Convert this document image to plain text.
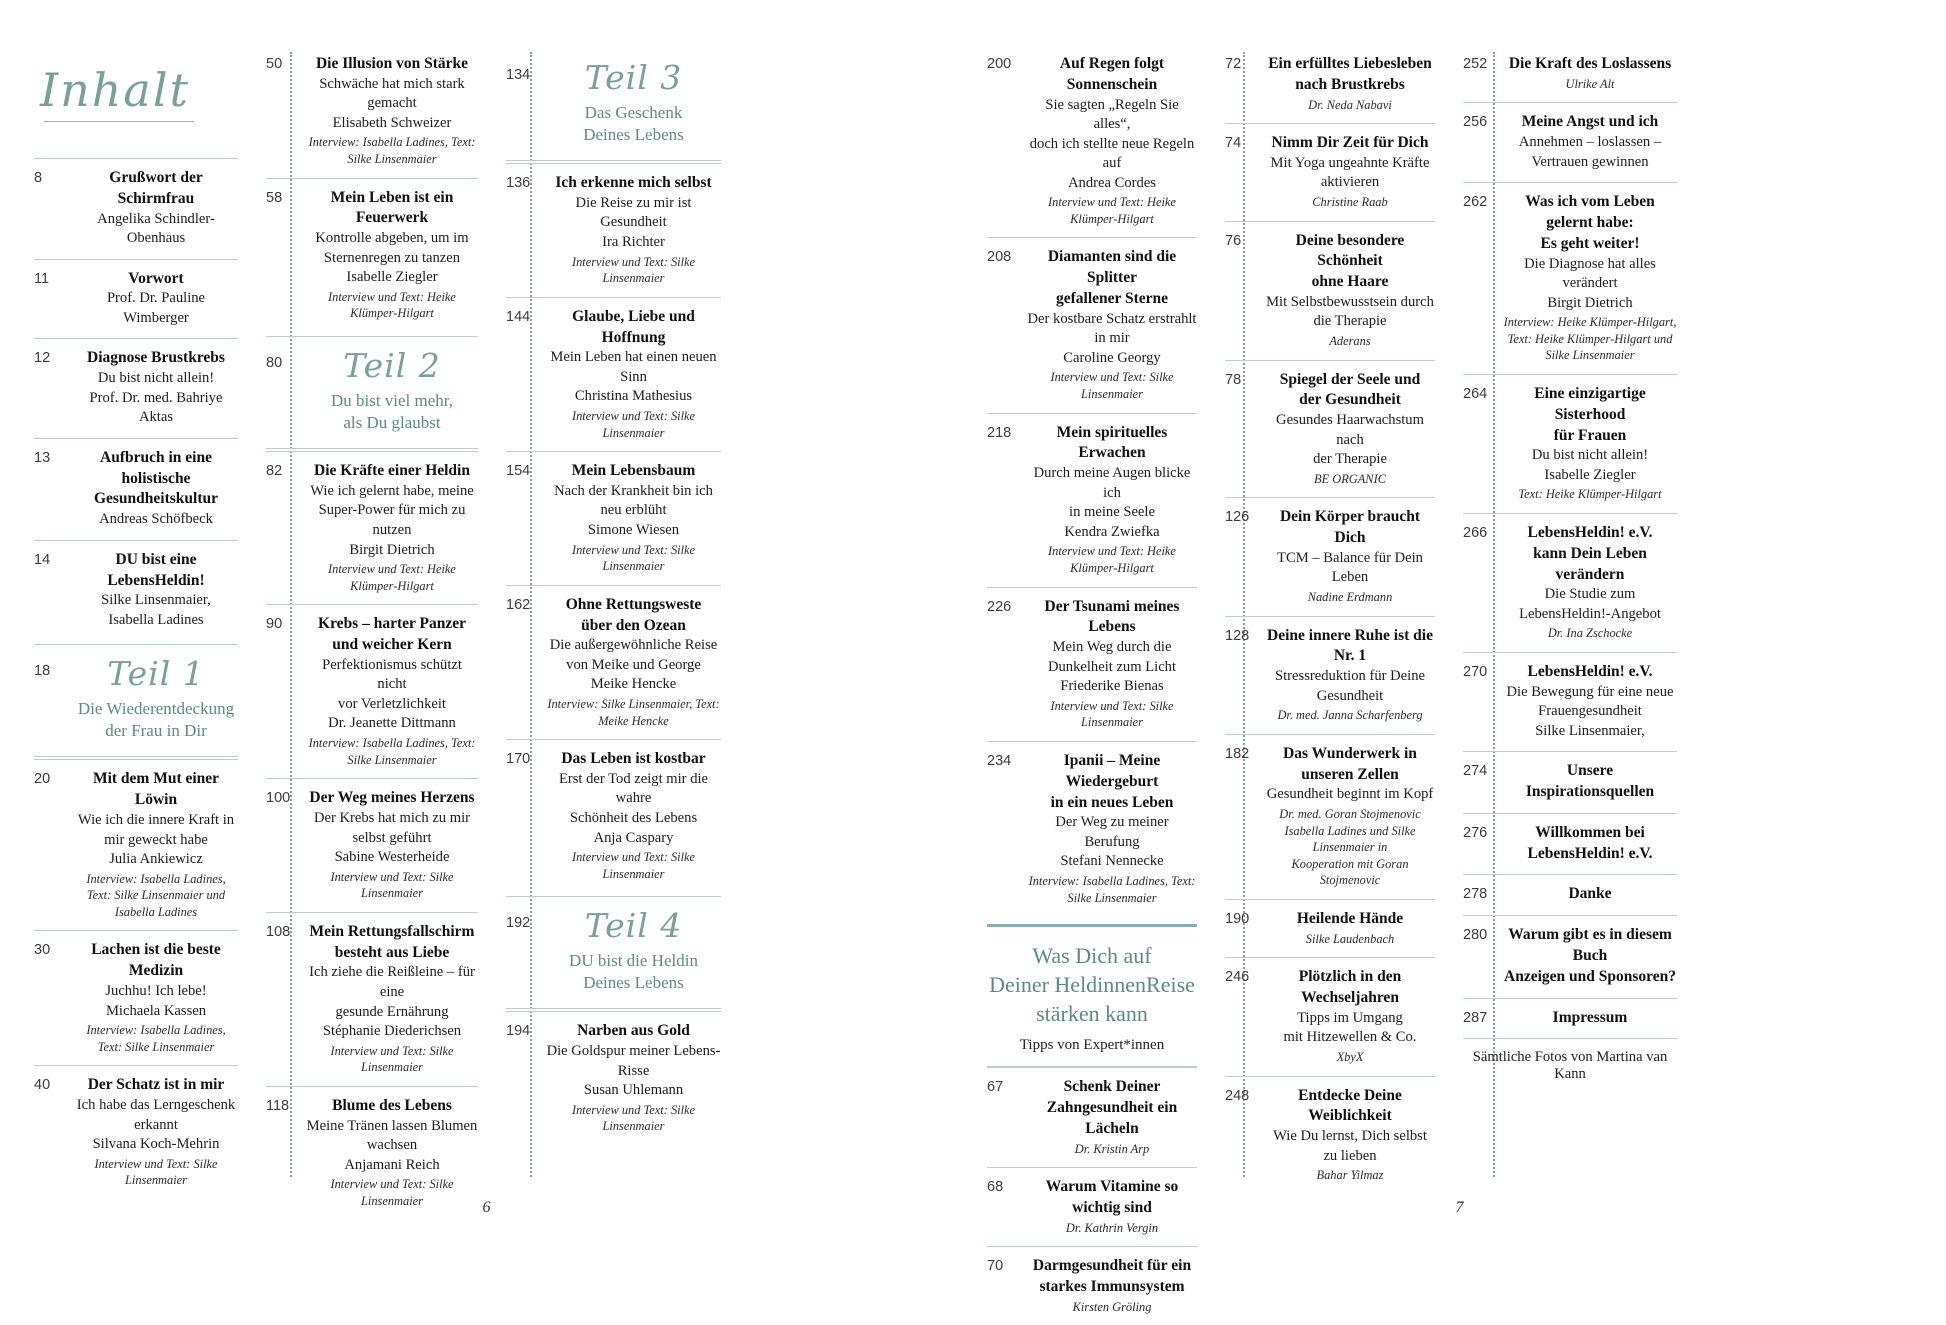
Inhalt
8	Grußwort der Schirmfrau
Angelika Schindler-Obenhaus
11	Vorwort
Prof. Dr. Pauline Wimberger
12	Diagnose Brustkrebs
Du bist nicht allein!
Prof. Dr. med. Bahriye Aktas
13	Aufbruch in eine holistische
Gesundheitskultur
Andreas Schöfbeck
14	DU bist eine LebensHeldin!
Silke Linsenmaier,
Isabella Ladines
18	Teil 1
Die Wiederentdeckung
der Frau in Dir
20	Mit dem Mut einer Löwin
Wie ich die innere Kraft in
mir geweckt habe
Julia Ankiewicz
Interview: Isabella Ladines,
Text: Silke Linsenmaier und Isabella Ladines
30	Lachen ist die beste Medizin
Juchhu! Ich lebe!
Michaela Kassen
Interview: Isabella Ladines, Text: Silke Linsenmaier
40	Der Schatz ist in mir
Ich habe das Lerngeschenk erkannt
Silvana Koch-Mehrin
Interview und Text: Silke Linsenmaier
50	Die Illusion von Stärke
Schwäche hat mich stark gemacht
Elisabeth Schweizer
Interview: Isabella Ladines, Text: Silke Linsenmaier
58	Mein Leben ist ein Feuerwerk
Kontrolle abgeben, um im
Sternenregen zu tanzen
Isabelle Ziegler
Interview und Text: Heike Klümper-Hilgart
80	Teil 2
Du bist viel mehr,
als Du glaubst
82	Die Kräfte einer Heldin
Wie ich gelernt habe, meine
Super-Power für mich zu nutzen
Birgit Dietrich
Interview und Text: Heike Klümper-Hilgart
90	Krebs – harter Panzer
und weicher Kern
Perfektionismus schützt nicht
vor Verletzlichkeit
Dr. Jeanette Dittmann
Interview: Isabella Ladines, Text: Silke Linsenmaier
100	Der Weg meines Herzens
Der Krebs hat mich zu mir selbst geführt
Sabine Westerheide
Interview und Text: Silke Linsenmaier
108	Mein Rettungsfallschirm
besteht aus Liebe
Ich ziehe die Reißleine – für eine
gesunde Ernährung
Stéphanie Diederichsen
Interview und Text: Silke Linsenmaier
118	Blume des Lebens
Meine Tränen lassen Blumen wachsen
Anjamani Reich
Interview und Text: Silke Linsenmaier
134	Teil 3
Das Geschenk
Deines Lebens
136	Ich erkenne mich selbst
Die Reise zu mir ist Gesundheit
Ira Richter
Interview und Text: Silke Linsenmaier
144	Glaube, Liebe und Hoffnung
Mein Leben hat einen neuen Sinn
Christina Mathesius
Interview und Text: Silke Linsenmaier
154	Mein Lebensbaum
Nach der Krankheit bin ich neu erblüht
Simone Wiesen
Interview und Text: Silke Linsenmaier
162	Ohne Rettungsweste
über den Ozean
Die außergewöhnliche Reise
von Meike und George
Meike Hencke
Interview: Silke Linsenmaier, Text: Meike Hencke
170	Das Leben ist kostbar
Erst der Tod zeigt mir die wahre
Schönheit des Lebens
Anja Caspary
Interview und Text: Silke Linsenmaier
192	Teil 4
DU bist die Heldin
Deines Lebens
194	Narben aus Gold
Die Goldspur meiner Lebens-Risse
Susan Uhlemann
Interview und Text: Silke Linsenmaier
6
200	Auf Regen folgt Sonnenschein
Sie sagten „Regeln Sie alles“,
doch ich stellte neue Regeln auf
Andrea Cordes
Interview und Text: Heike Klümper-Hilgart
208	Diamanten sind die Splitter
gefallener Sterne
Der kostbare Schatz erstrahlt in mir
Caroline Georgy
Interview und Text: Silke Linsenmaier
218	Mein spirituelles Erwachen
Durch meine Augen blicke ich
in meine Seele
Kendra Zwiefka
Interview und Text: Heike Klümper-Hilgart
226	Der Tsunami meines Lebens
Mein Weg durch die Dunkelheit zum Licht
Friederike Bienas
Interview und Text: Silke Linsenmaier
234	Ipanii – Meine Wiedergeburt
in ein neues Leben
Der Weg zu meiner Berufung
Stefani Nennecke
Interview: Isabella Ladines, Text: Silke Linsenmaier
Was Dich auf
Deiner HeldinnenReise
stärken kann
Tipps von Expert*innen
67	Schenk Deiner
Zahngesundheit ein Lächeln
Dr. Kristin Arp
68	Warum Vitamine so wichtig sind
Dr. Kathrin Vergin
70	Darmgesundheit für ein
starkes Immunsystem
Kirsten Gröling
72	Ein erfülltes Liebesleben
nach Brustkrebs
Dr. Neda Nabavi
74	Nimm Dir Zeit für Dich
Mit Yoga ungeahnte Kräfte aktivieren
Christine Raab
76	Deine besondere Schönheit
ohne Haare
Mit Selbstbewusstsein durch die Therapie
Aderans
78	Spiegel der Seele und
der Gesundheit
Gesundes Haarwachstum nach
der Therapie
BE ORGANIC
126	Dein Körper braucht Dich
TCM – Balance für Dein Leben
Nadine Erdmann
128	Deine innere Ruhe ist die Nr. 1
Stressreduktion für Deine Gesundheit
Dr. med. Janna Scharfenberg
182	Das Wunderwerk in
unseren Zellen
Gesundheit beginnt im Kopf
Dr. med. Goran Stojmenovic
Isabella Ladines und Silke Linsenmaier in
Kooperation mit Goran Stojmenovic
190	Heilende Hände
Silke Laudenbach
246	Plötzlich in den Wechseljahren
Tipps im Umgang
mit Hitzewellen & Co.
XbyX
248	Entdecke Deine Weiblichkeit
Wie Du lernst, Dich selbst zu lieben
Bahar Yilmaz
252	Die Kraft des Loslassens
Ulrike Alt
256	Meine Angst und ich
Annehmen – loslassen –
Vertrauen gewinnen
262	Was ich vom Leben gelernt habe:
Es geht weiter!
Die Diagnose hat alles verändert
Birgit Dietrich
Interview: Heike Klümper-Hilgart,
Text: Heike Klümper-Hilgart und Silke Linsenmaier
264	Eine einzigartige Sisterhood
für Frauen
Du bist nicht allein!
Isabelle Ziegler
Text: Heike Klümper-Hilgart
266	LebensHeldin! e.V.
kann Dein Leben verändern
Die Studie zum LebensHeldin!-Angebot
Dr. Ina Zschocke
270	LebensHeldin! e.V.
Die Bewegung für eine neue
Frauengesundheit
Silke Linsenmaier,
274	Unsere Inspirationsquellen
276	Willkommen bei
LebensHeldin! e.V.
278	Danke
280	Warum gibt es in diesem Buch
Anzeigen und Sponsoren?
287	Impressum
Sämtliche Fotos von Martina van Kann
7
